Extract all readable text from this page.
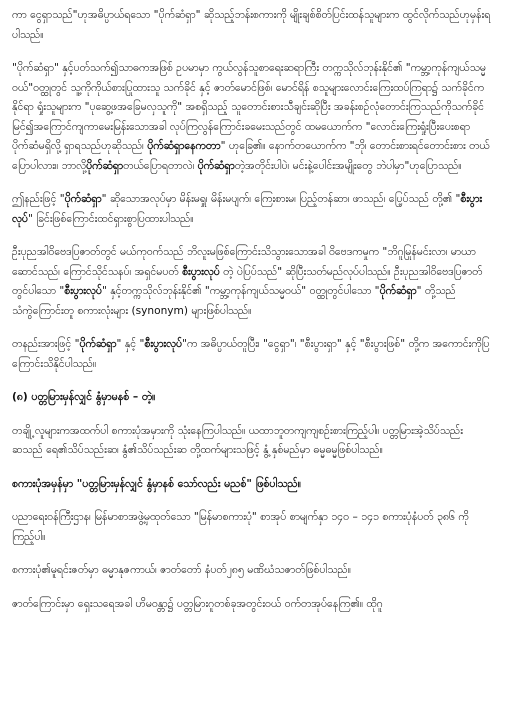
ကာ ငွေရှာသည်"ဟုအဓိပ္ပာယ်ရသော "ပိုက်ဆံရှာ" ဆိုသည့်ဘန်းစကားကို မျိုးချစ်စိတ်ပြင်းထန်သူများက ထွင်လိုက်သည်ဟုမှန်းရပါသည်။

"ပိုက်ဆံရှာ" နှင့်ပတ်သက်၍သာဓကအဖြစ် ဥပမာမှာ ကွယ်လွန်သူစာရေးဆရာကြီး တက္ကသိုလ်ဘုန်းနိုင်၏ "ကမ္ဘာ့ကုန်ကျယ်သမ္မဝယ်"ဝတ္ထုတွင် သူ့ကိုကိုယ်စားပြုထားသူ သက်ခိုင် နှင့် ဇာတ်မောင်ဖြစ်၊ မောင်ရိန် စသူများလောင်းကြေးထပ်ကြရာ၌ သက်ခိုင်ကနိုင်ရာ ရှုံးသူများက "ပုဆွေ့ဖအခြေမလှသူကို" အစရှိသည့် သူတောင်းစားသီချင်းဆိုပြီး အခန်းစဉ်လုံတောင်းကြသည်ကိုသက်ခိုင်မြင်၍အကြောင်ကျကာမေးမြန်းသောအခါ လုပ်ကြလွန်ကြောင်းခမေးသည်တွင် ထမယောက်က "လောင်းကြေးရှုံးပြီးပေးစရာပိုက်ဆံမရှိလို့ ရှာရသည်ဟုဆိုသည်၊ ပိုက်ဆံရှာနေကတာ" ဟုခြေ၏။ နောက်တယောက်က "ဘို၊ တောင်းစားရင်တောင်းစား တယ်ပြောပါလား။ ဘာလို့ပိုက်ဆံရှာတယ်ပြောရတာလဲ၊ ပိုက်ဆံရှာတဲ့အတိုင်းပါပဲ၊ မင်းနဲ့ပေါင်းအမျိုးတွေ ဘဲပါမှာ"ဟုပြောသည်။

ဤနည်းဖြင့် "ပိုက်ဆံရှာ" ဆိုသောအလုပ်မှာ မိန်းမရှူ၊ မိန်းမပျက်၊ ကြေးစားမ၊ ပြည့်တန်ဆာ၊ ဖာသည်၊ ပြေ့ပ်သည် တို့၏ "စီးပွားလုပ်" ခြင်းဖြစ်ကြောင်းထင်ရှားစွာပြထားပါသည်။

ဦးပုညအါဝိဗေဒပြဇာတ်တွင် မယ်ကုဝက်သည် ဘိလူးမဖြစ်ကြောင်းသိသွားသောအခါ ဝိဗေဒကမှုက "ဘိဂူမြုန်မင်းလာ၊ မာယာဆောင်သည်၊ ကြောင်သိုင်သနပ်၊ အရှင်မပတ် စီးပွားလုပ် တဲ့ ပဲပြပ်သည်" ဆိုပြီးသတ်မည်လုပ်ပါသည်။ ဦးပုညအါဝိဗေဒပြဇာတ်တွင်ပါသော "စီးပွားလုပ်" နှင့်တက္ကသိုလ်ဘုန်းနိုင်၏ "ကမ္ဘာ့ကုန်ကျယ်သမ္မဝယ်" ဝတ္ထုတွင်ပါသော "ပိုက်ဆံရှာ" တို့သည် သံကွဲကြောင်းတူ စကားလုံးများ (synonym) များဖြစ်ပါသည်။

တနည်းအားဖြင့် "ပိုက်ဆံရှာ" နှင့် "စီးပွားလုပ်"က အဓိပ္ပာယ်တူပြီး၊ "ငွေရှာ"၊ "စီးပွားရှာ" နှင့် "စီးပွားဖြစ်" တို့က အကောင်းကိုပြကြောင်းသိနိုင်ပါသည်။

(၈) ပတ္တမြားမှန်လျှင် နွံမှာမနစ် – တဲ့။

တချို့ လူများကအထက်ပါ စကားပုံအမှားကို သုံးနေကြပါသည်။ ယထာဘူတကျကျစဉ်းစားကြည့်ပါ။ ပတ္တမြားအဲ့သိပ်သည်းဆသည် ရေ၏သိပ်သည်းဆ၊ နွံ၏သိပ်သည်းဆ တို့ထက်များသဖြင့် နွံ့ နှစ်မည်မှာ ဓမ္မဓမ္မဖြစ်ပါသည်။

စကားပုံအမှန်မှာ "ပတ္တမြားမှန်လျှင် နွံမှာနစ် သော်လည်း မညစ်" ဖြစ်ပါသည်။

ပညာရေးဝန်ကြီးဌာန၊ မြန်မာစာအဖွဲ့မှထုတ်သော "မြန်မာစကားပုံ" စာအုပ် စာမျက်နှာ ၁၄၀ – ၁၄၁ စကားပုံနံပတ် ၃၈၆ ကိုကြည့်ပါ။

စကားပုံ၏မူရင်းဇတ်မှာ ဓမ္မာနုဇကာယ်၊ ဇာတ်တော် နံပတ်၂၈၅ မဏိဃံသဇာတ်ဖြစ်ပါသည်။

ဇာတ်ကြောင်းမှာ ရှေးသရေအခါ ဟိမဝန္တာ၌ ပတ္တမြားဂူတစ်ခုအတွင်းဝယ် ဝက်တအုပ်နေကြ၏။ ထိုဂူ
